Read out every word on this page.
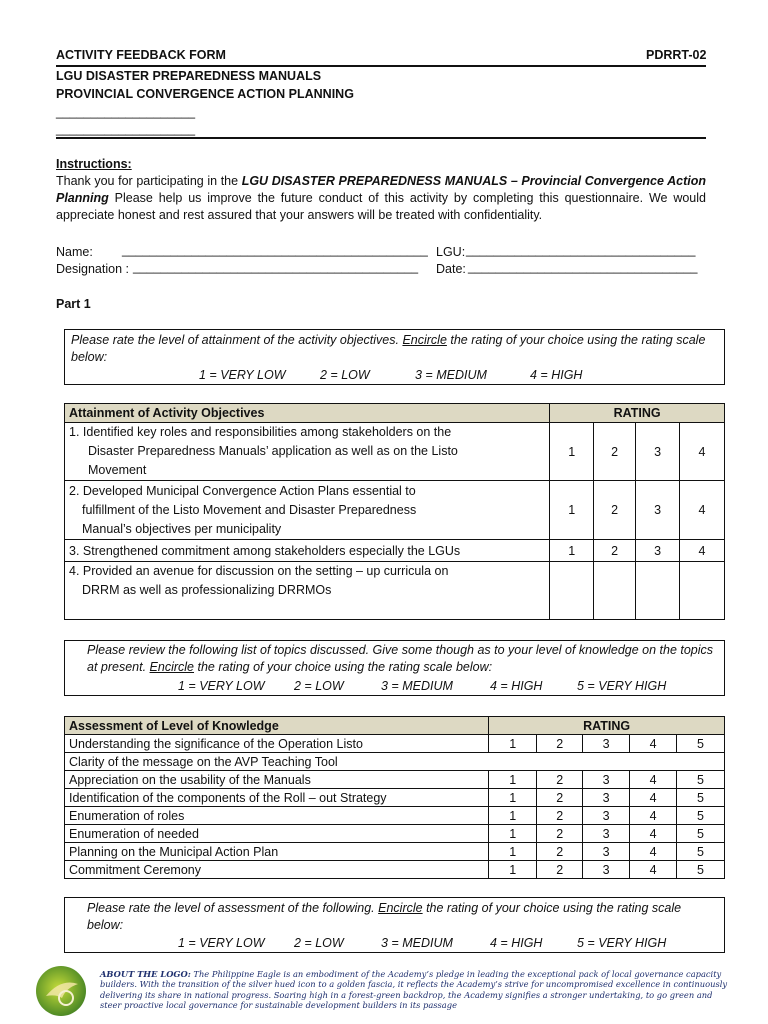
ACTIVITY FEEDBACK FORM	PDRRT-02
LGU DISASTER PREPAREDNESS MANUALS
PROVINCIAL CONVERGENCE ACTION PLANNING
____________________
____________________
Instructions:
Thank you for participating in the LGU DISASTER PREPAREDNESS MANUALS – Provincial Convergence Action Planning Please help us improve the future conduct of this activity by completing this questionnaire. We would appreciate honest and rest assured that your answers will be treated with confidentiality.
Name: ____________________________________________ LGU: _________________________________
Designation : _________________________________________ Date: _________________________________
Part 1
Please rate the level of attainment of the activity objectives. Encircle the rating of your choice using the rating scale below:
1 = VERY LOW	2 = LOW	3 = MEDIUM	4 = HIGH
Attainment of Activity Objectives	RATING			

1. Identified key roles and responsibilities among stakeholders on the
Disaster Preparedness Manuals’ application as well as on the Listo
Movement	1	2	3	4

2. Developed Municipal Convergence Action Plans essential to
fulfillment of the Listo Movement and Disaster Preparedness
Manual’s objectives per municipality	1	2	3	4
3. Strengthened commitment among stakeholders especially the LGUs	1	2	3	4

4. Provided an avenue for discussion on the setting – up curricula on
DRRM as well as professionalizing DRRMOs				

Please review the following list of topics discussed. Give some though as to your level of knowledge on the topics at present. Encircle the rating of your choice using the rating scale below:
1 = VERY LOW 2 = LOW	3 = MEDIUM	4 = HIGH	5 = VERY HIGH
Assessment of Level of Knowledge	RATING				
Understanding the significance of the Operation Listo	1	2	3	4	5
Clarity of the message on the AVP Teaching Tool					
Appreciation on the usability of the Manuals	1	2	3	4	5
Identification of the components of the Roll – out Strategy	1	2	3	4	5
Enumeration of roles	1	2	3	4	5
Enumeration of needed	1	2	3	4	5
Planning on the Municipal Action Plan	1	2	3	4	5
Commitment Ceremony	1	2	3	4	5
Please rate the level of assessment of the following. Encircle the rating of your choice using the rating scale below:
1 = VERY LOW 2 = LOW	3 = MEDIUM	4 = HIGH	5 = VERY HIGH
ABOUT THE LOGO: The Philippine Eagle is an embodiment of the Academy’s pledge in leading the exceptional pack of local governance capacity builders. With the transition of the silver hued icon to a golden fascia, it reflects the Academy’s strive for uncompromised excellence in continuously delivering its share in national progress. Soaring high in a forest-green backdrop, the Academy signifies a stronger undertaking, to go green and steer proactive local governance for sustainable development builders in its passage
